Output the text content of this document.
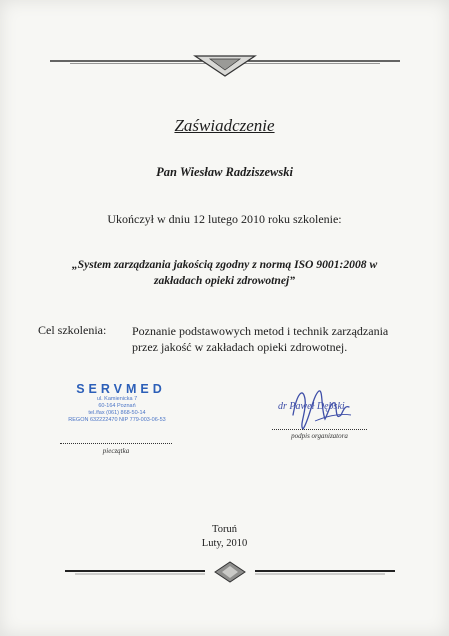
Zaświadczenie
Pan Wiesław Radziszewski
Ukończył w dniu 12 lutego 2010 roku szkolenie:
„System zarządzania jakością zgodny z normą ISO 9001:2008 w
zakładach opieki zdrowotnej”
Cel szkolenia: Poznanie podstawowych metod i technik zarządzania
przez jakość w zakładach opieki zdrowotnej.
SERVMED
ul. Kamienicka 7
60-164 Poznań
tel./fax (061) 868-50-14
REGON 632222470 NIP 779-003-06-53
pieczątka
dr Paweł Dębski
podpis organizatora
Toruń
Luty, 2010
